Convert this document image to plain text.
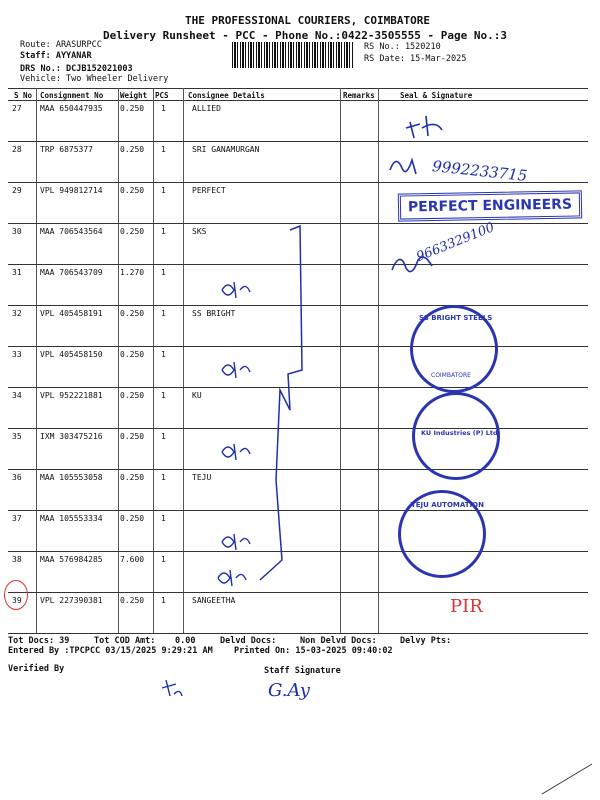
THE PROFESSIONAL COURIERS, COIMBATORE
Delivery Runsheet - PCC - Phone No.:0422-3505555 - Page No.:3
Route: ARASURPCC
Staff: AYYANAR
DRS No.: DCJB152021003
Vehicle: Two Wheeler Delivery
RS No.: 1520210
RS Date: 15-Mar-2025
S No Consignment No Weight PCS	Consignee Details	Remarks	Seal & Signature
27 MAA 650447935 0.250 1	ALLIED
28 TRP 6875377	0.250 1	SRI GANAMURGAN
29 VPL 949812714 0.250 1	PERFECT
30 MAA 706543564 0.250 1	SKS
31 MAA 706543709 1.270 1
32 VPL 405458191 0.250 1	SS BRIGHT
33 VPL 405458150 0.250 1
34 VPL 952221881 0.250 1	KU
35 IXM 303475216 0.250 1
36 MAA 105553058 0.250 1	TEJU
37 MAA 105553334 0.250 1
38 MAA 576984285 7.600 1
39 VPL 227390381 0.250 1	SANGEETHA
9992233715
PERFECT ENGINEERS
9663329100
SS BRIGHT STEELS
COIMBATORE
KU Industries (P) Ltd.
TEJU AUTOMATION
PIR
Tot Docs: 39	Tot COD Amt: 0.00	Delvd Docs:	Non Delvd Docs:	Delvy Pts:
Entered By :TPCPCC 03/15/2025 9:29:21 AM	Printed On: 15-03-2025 09:40:02
Verified By	Staff Signature
G.Ay
